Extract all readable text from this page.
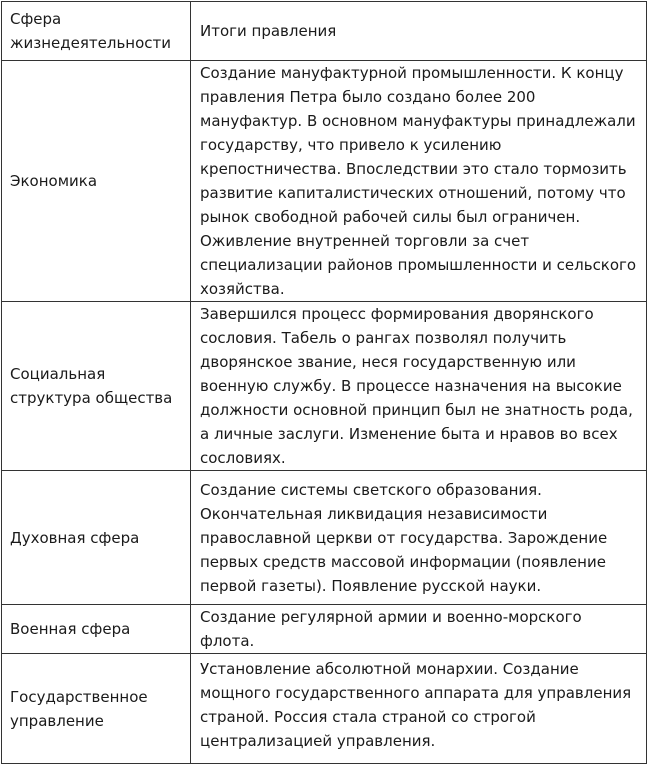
Сфера жизнедеятельности	Итоги правления
Экономика	Создание мануфактурной промышленности. К концу правления Петра было создано более 200 мануфактур. В основном мануфактуры принадлежали государству, что привело к усилению крепостничества. Впоследствии это стало тормозить развитие капиталистических отношений, потому что рынок свободной рабочей силы был ограничен. Оживление внутренней торговли за счет специализации районов промышленности и сельского хозяйства.
Социальная структура общества	Завершился процесс формирования дворянского сословия. Табель о рангах позволял получить дворянское звание, неся государственную или военную службу. В процессе назначения на высокие должности основной принцип был не знатность рода, а личные заслуги. Изменение быта и нравов во всех сословиях.
Духовная сфера	Создание системы светского образования. Окончательная ликвидация независимости православной церкви от государства. Зарождение первых средств массовой информации (появление первой газеты). Появление русской науки.
Военная сфера	Создание регулярной армии и военно-морского флота.
Государственное управление	Установление абсолютной монархии. Создание мощного государственного аппарата для управления страной. Россия стала страной со строгой централизацией управления.
